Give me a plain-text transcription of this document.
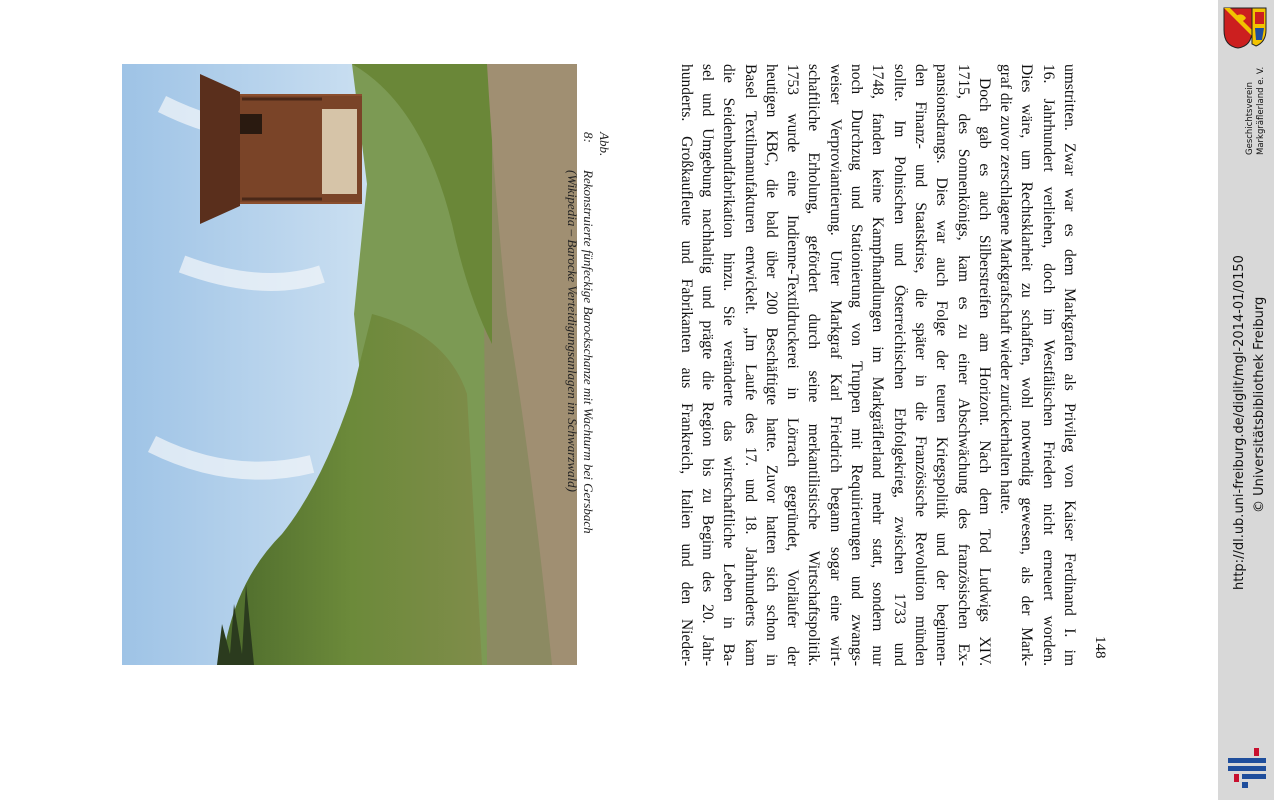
Abb. 8:Rekonstruierte fünfeckige Barockschanze mit Wachturm bei Gersbach
(Wikipedia – Barocke Verteidigungsanlagen im Schwarzwald)	umstritten. Zwar war es dem Markgrafen als Privileg von Kaiser Ferdinand I. im

16. Jahrhundert verliehen, doch im Westfälischen Frieden nicht erneuert worden.

Dies wäre, um Rechtsklarheit zu schaffen, wohl notwendig gewesen, als der Mark-

graf die zuvor zerschlagene Markgrafschaft wieder zurückerhalten hatte.

Doch gab es auch Silberstreifen am Horizont. Nach dem Tod Ludwigs XIV.

1715, des Sonnenkönigs, kam es zu einer Abschwächung des französischen Ex-

pansionsdrangs. Dies war auch Folge der teuren Kriegspolitik und der beginnen-

den Finanz- und Staatskrise, die später in die Französische Revolution münden

sollte. Im Polnischen und Österreichischen Erbfolgekrieg, zwischen 1733 und

1748, fanden keine Kampfhandlungen im Markgräflerland mehr statt, sondern nur

noch Durchzug und Stationierung von Truppen mit Requirierungen und zwangs-

weiser Verproviantierung. Unter Markgraf Karl Friedrich begann sogar eine wirt-

schaftliche Erholung, gefördert durch seine merkantilistische Wirtschaftspolitik.

1753 wurde eine Indienne-Textildruckerei in Lörrach gegründet, Vorläufer der

heutigen KBC, die bald über 200 Beschäftigte hatte. Zuvor hatten sich schon in

Basel Textilmanufakturen entwickelt. „Im Laufe des 17. und 18. Jahrhunderts kam

die Seidenbandfabrikation hinzu. Sie veränderte das wirtschaftliche Leben in Ba-

sel und Umgebung nachhaltig und prägte die Region bis zu Beginn des 20. Jahr-

hunderts. Großkaufleute und Fabrikanten aus Frankreich, Italien und den Nieder-	148
Geschichtsverein Markgräflerland e. V.
http://dl.ub.uni-freiburg.de/diglit/mgl-2014-01/0150 © Universitätsbibliothek Freiburg
